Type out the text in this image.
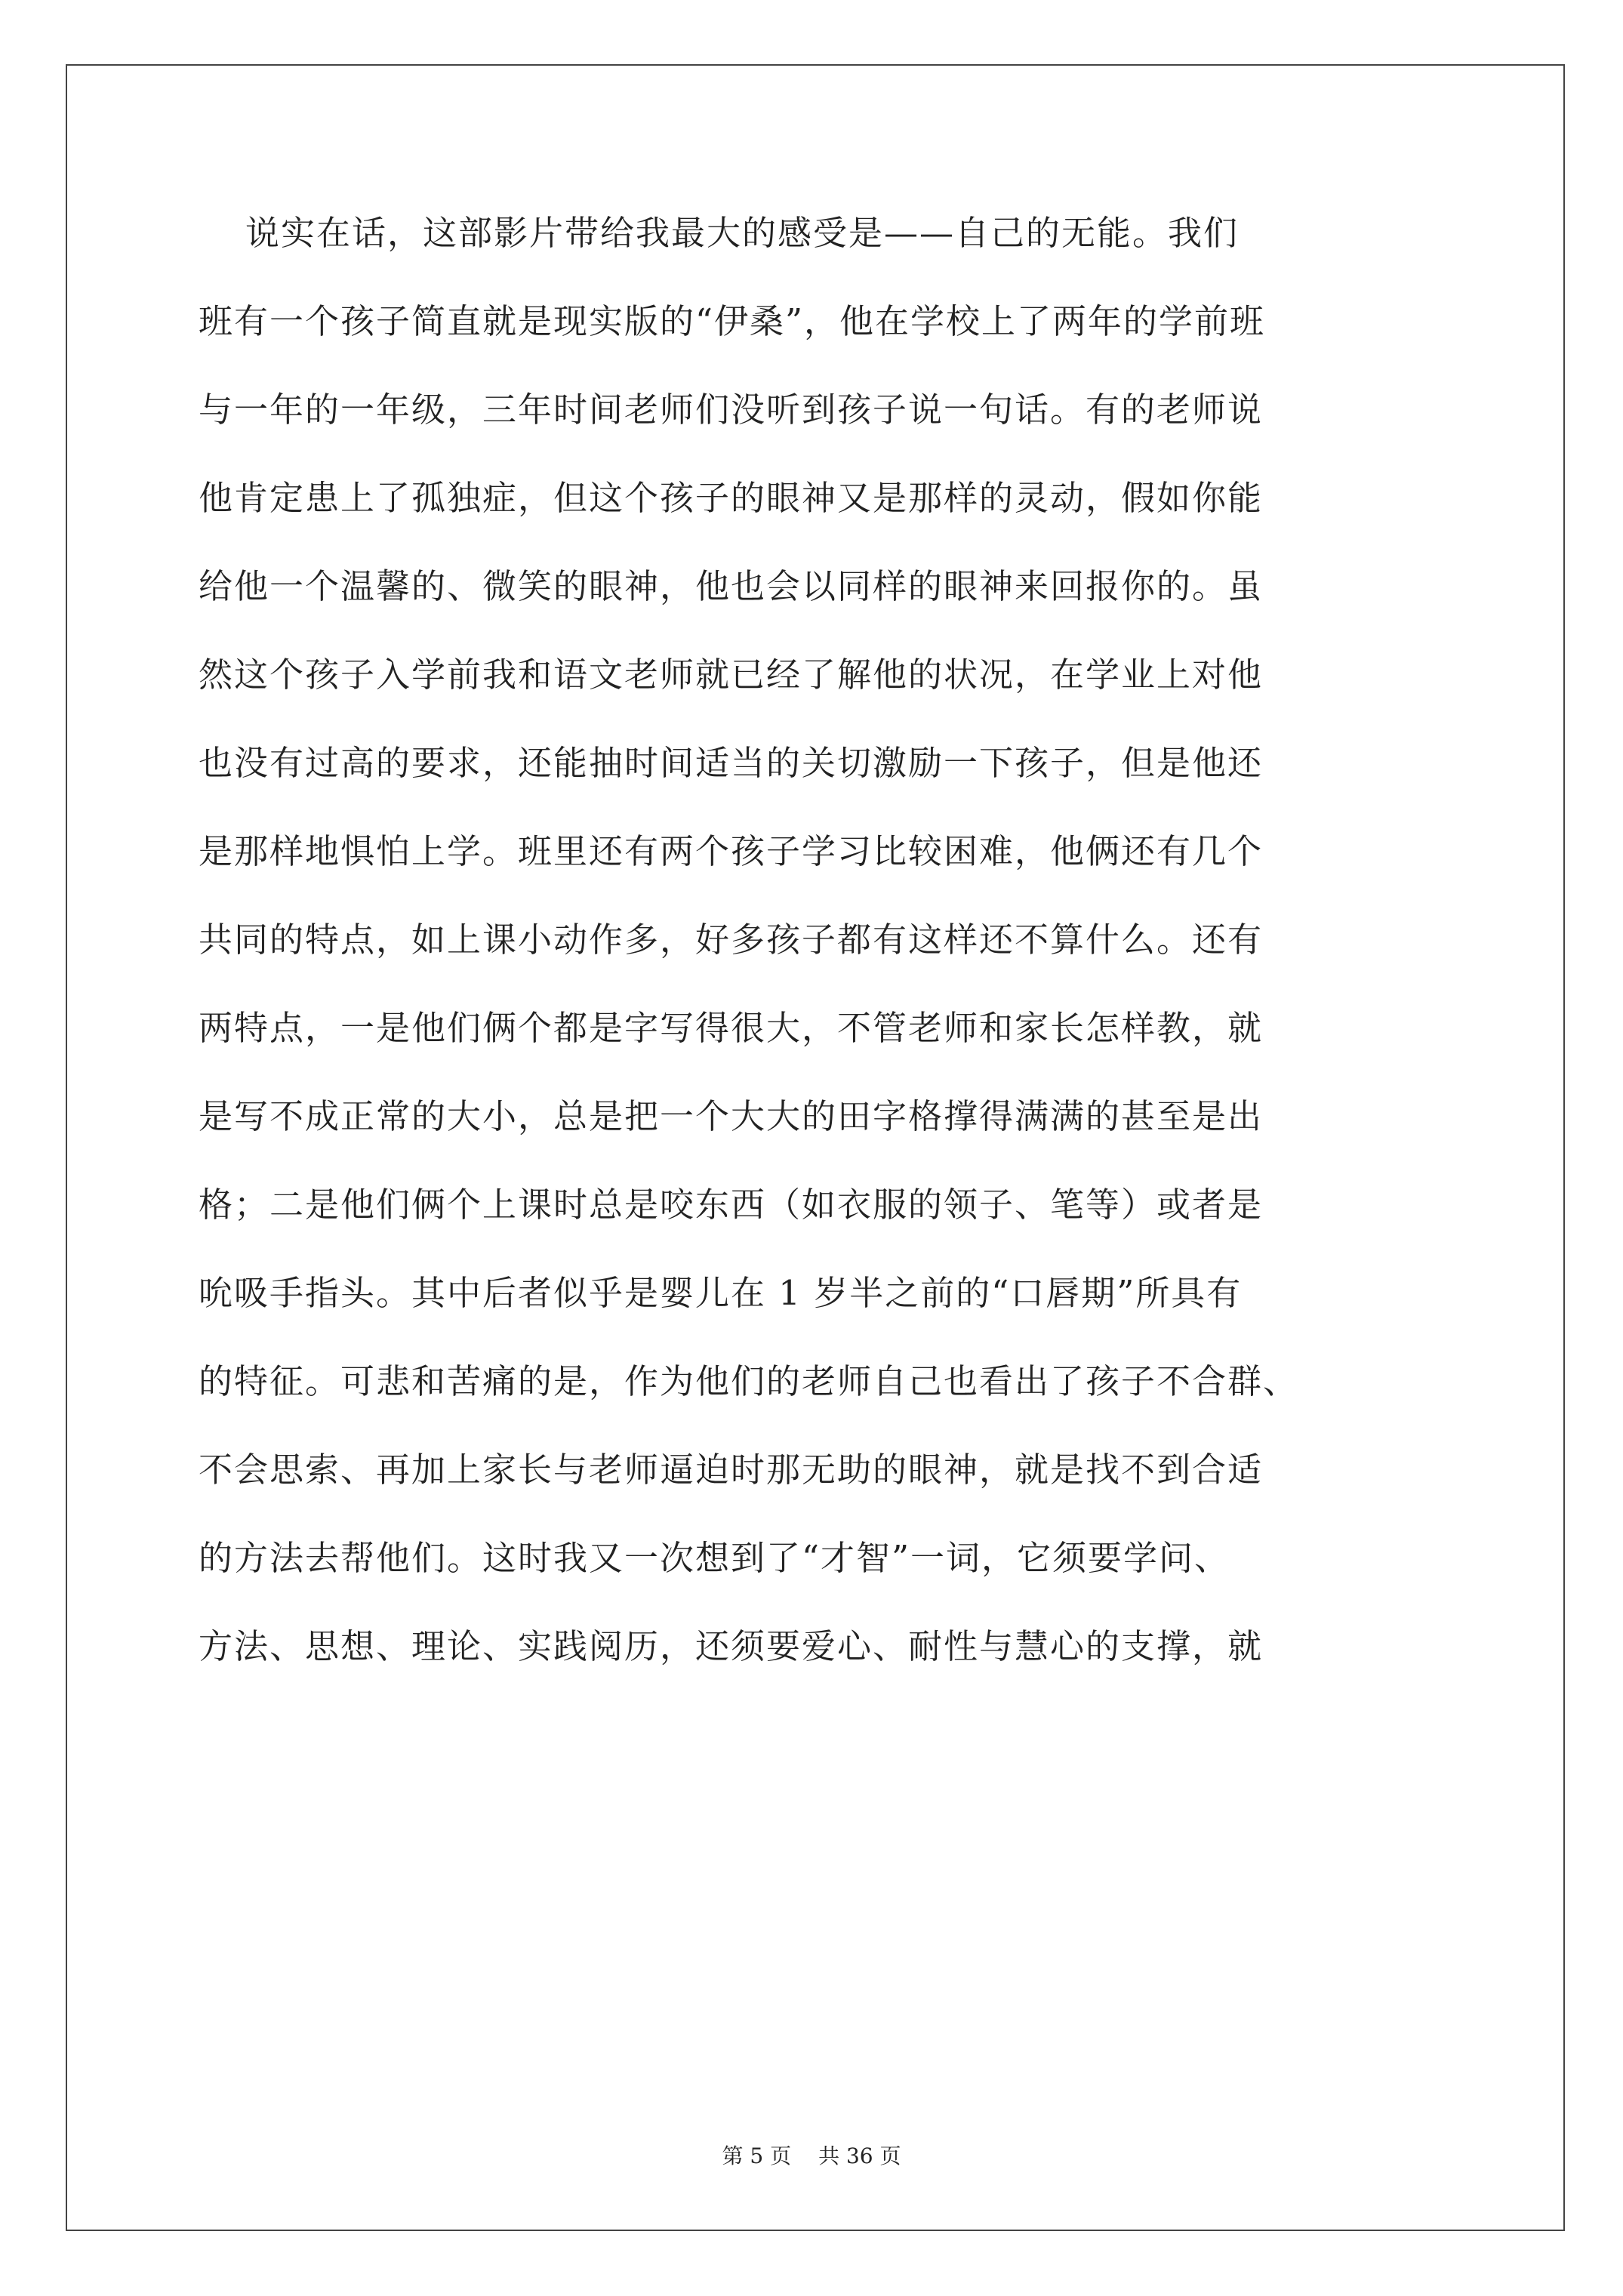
说实在话，这部影片带给我最大的感受是——自己的无能。我们
班有一个孩子简直就是现实版的“伊桑”，他在学校上了两年的学前班
与一年的一年级，三年时间老师们没听到孩子说一句话。有的老师说
他肯定患上了孤独症，但这个孩子的眼神又是那样的灵动，假如你能
给他一个温馨的、微笑的眼神，他也会以同样的眼神来回报你的。虽
然这个孩子入学前我和语文老师就已经了解他的状况，在学业上对他
也没有过高的要求，还能抽时间适当的关切激励一下孩子，但是他还
是那样地惧怕上学。班里还有两个孩子学习比较困难，他俩还有几个
共同的特点，如上课小动作多，好多孩子都有这样还不算什么。还有
两特点，一是他们俩个都是字写得很大，不管老师和家长怎样教，就
是写不成正常的大小，总是把一个大大的田字格撑得满满的甚至是出
格；二是他们俩个上课时总是咬东西（如衣服的领子、笔等）或者是
吮吸手指头。其中后者似乎是婴儿在 1 岁半之前的“口唇期”所具有
的特征。可悲和苦痛的是，作为他们的老师自己也看出了孩子不合群、
不会思索、再加上家长与老师逼迫时那无助的眼神，就是找不到合适
的方法去帮他们。这时我又一次想到了“才智”一词，它须要学问、
方法、思想、理论、实践阅历，还须要爱心、耐性与慧心的支撑，就
第 5 页 共 36 页
